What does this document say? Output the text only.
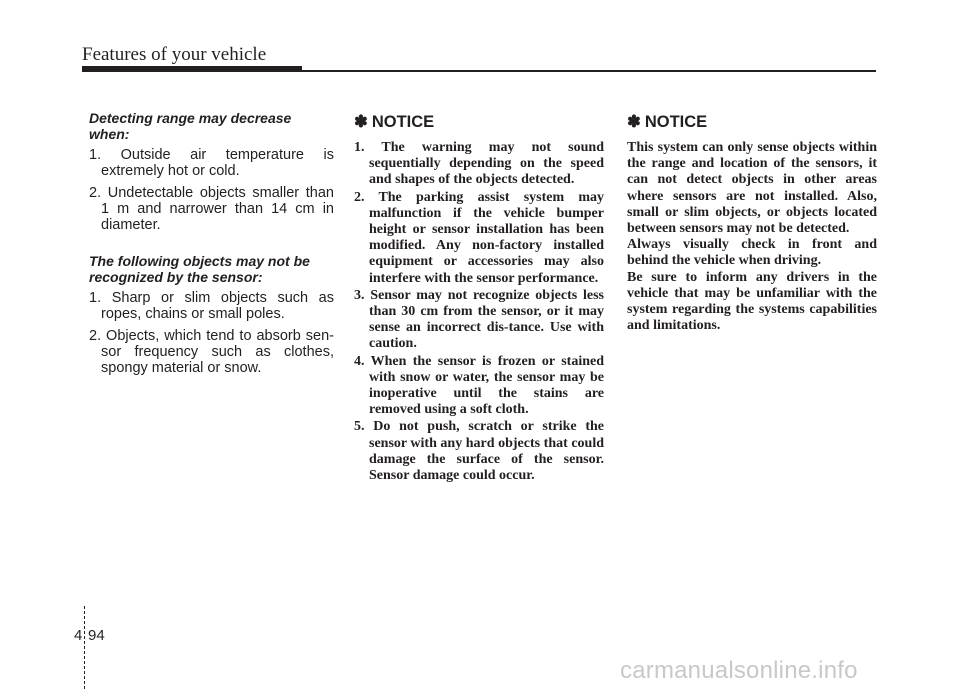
Features of your vehicle
Detecting range may decrease when:
1. Outside air temperature is extremely hot or cold.
2. Undetectable objects smaller than 1 m and narrower than 14 cm in diameter.
The following objects may not be recognized by the sensor:
1. Sharp or slim objects such as ropes, chains or small poles.
2. Objects, which tend to absorb sen-sor frequency such as clothes, spongy material or snow.
✽ NOTICE
1. The warning may not sound sequentially depending on the speed and shapes of the objects detected.
2. The parking assist system may malfunction if the vehicle bumper height or sensor installation has been modified. Any non-factory installed equipment or accessories may also interfere with the sensor performance.
3. Sensor may not recognize objects less than 30 cm from the sensor, or it may sense an incorrect dis-tance. Use with caution.
4. When the sensor is frozen or stained with snow or water, the sensor may be inoperative until the stains are removed using a soft cloth.
5. Do not push, scratch or strike the sensor with any hard objects that could damage the surface of the sensor. Sensor damage could occur.
✽ NOTICE

This system can only sense objects within the range and location of the sensors, it can not detect objects in other areas where sensors are not installed. Also, small or slim objects, or objects located between sensors may not be detected.

Always visually check in front and behind the vehicle when driving.

Be sure to inform any drivers in the vehicle that may be unfamiliar with the system regarding the systems capabilities and limitations.

4 94
carmanualsonline.info
